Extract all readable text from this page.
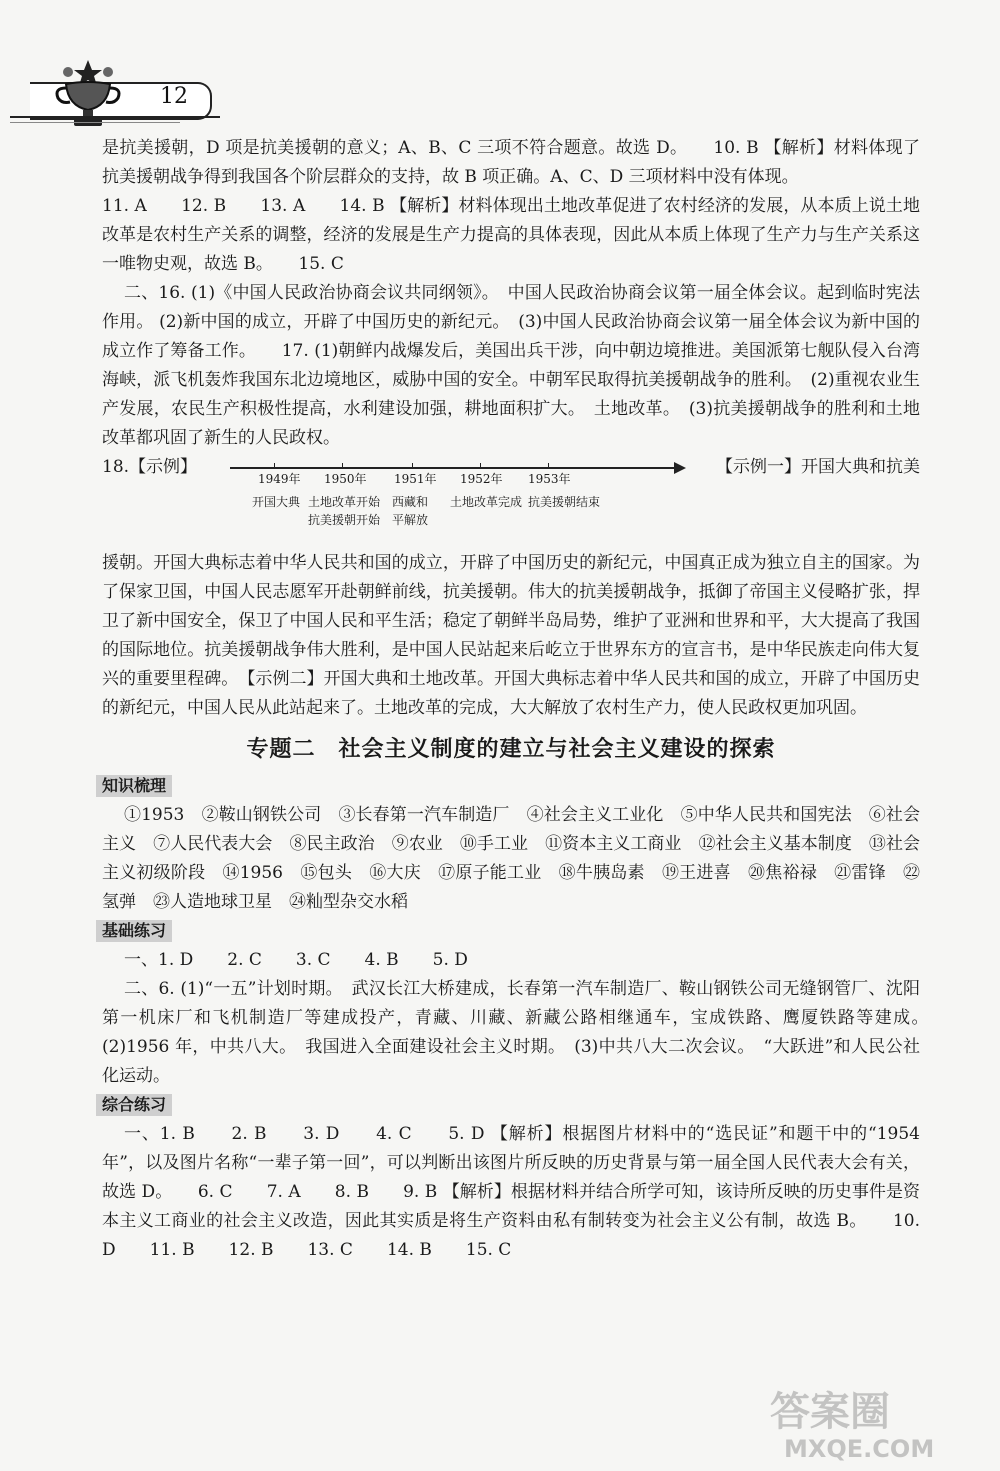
12

是抗美援朝，D 项是抗美援朝的意义；A、B、C 三项不符合题意。故选 D。 10. B 【解析】材料体现了抗美援朝战争得到我国各个阶层群众的支持，故 B 项正确。A、C、D 三项材料中没有体现。

11. A　　12. B　　13. A　　14. B 【解析】材料体现出土地改革促进了农村经济的发展，从本质上说土地改革是农村生产关系的调整，经济的发展是生产力提高的具体表现，因此从本质上体现了生产力与生产关系这一唯物史观，故选 B。　　15. C

二、16. (1)《中国人民政治协商会议共同纲领》。　中国人民政治协商会议第一届全体会议。起到临时宪法作用。 (2)新中国的成立，开辟了中国历史的新纪元。　(3)中国人民政治协商会议第一届全体会议为新中国的成立作了筹备工作。　　17. (1)朝鲜内战爆发后，美国出兵干涉，向中朝边境推进。美国派第七舰队侵入台湾海峡，派飞机轰炸我国东北边境地区，威胁中国的安全。中朝军民取得抗美援朝战争的胜利。　(2)重视农业生产发展，农民生产积极性提高，水利建设加强，耕地面积扩大。　土地改革。　(3)抗美援朝战争的胜利和土地改革都巩固了新生的人民政权。

18.【示例】	【示例一】开国大典和抗美
1949年 1950年 1951年 1952年 1953年
开国大典 土地改革开始 西藏和 土地改革完成 抗美援朝结束
抗美援朝开始 平解放

援朝。开国大典标志着中华人民共和国的成立，开辟了中国历史的新纪元，中国真正成为独立自主的国家。为了保家卫国，中国人民志愿军开赴朝鲜前线，抗美援朝。伟大的抗美援朝战争，抵御了帝国主义侵略扩张，捍卫了新中国安全，保卫了中国人民和平生活；稳定了朝鲜半岛局势，维护了亚洲和世界和平，大大提高了我国的国际地位。抗美援朝战争伟大胜利，是中国人民站起来后屹立于世界东方的宣言书，是中华民族走向伟大复兴的重要里程碑。　【示例二】开国大典和土地改革。开国大典标志着中华人民共和国的成立，开辟了中国历史的新纪元，中国人民从此站起来了。土地改革的完成，大大解放了农村生产力，使人民政权更加巩固。

专题二　社会主义制度的建立与社会主义建设的探索
知识梳理

①1953　②鞍山钢铁公司　③长春第一汽车制造厂　④社会主义工业化　⑤中华人民共和国宪法　⑥社会主义　⑦人民代表大会　⑧民主政治　⑨农业　⑩手工业　⑪资本主义工商业　⑫社会主义基本制度　⑬社会主义初级阶段　⑭1956　⑮包头　⑯大庆　⑰原子能工业　⑱牛胰岛素　⑲王进喜　⑳焦裕禄　㉑雷锋　㉒氢弹　㉓人造地球卫星　㉔籼型杂交水稻

基础练习

一、1. D　　2. C　　3. C　　4. B　　5. D

二、6. (1)“一五”计划时期。　武汉长江大桥建成，长春第一汽车制造厂、鞍山钢铁公司无缝钢管厂、沈阳第一机床厂和飞机制造厂等建成投产，青藏、川藏、新藏公路相继通车，宝成铁路、鹰厦铁路等建成。　(2)1956 年，中共八大。　我国进入全面建设社会主义时期。　(3)中共八大二次会议。　“大跃进”和人民公社化运动。

综合练习

一、1. B　　2. B　　3. D　　4. C　　5. D 【解析】根据图片材料中的“选民证”和题干中的“1954 年”，以及图片名称“一辈子第一回”，可以判断出该图片所反映的历史背景与第一届全国人民代表大会有关，故选 D。　　6. C　　7. A　　8. B　　9. B 【解析】根据材料并结合所学可知，该诗所反映的历史事件是资本主义工商业的社会主义改造，因此其实质是将生产资料由私有制转变为社会主义公有制，故选 B。　　10. D　　11. B　　12. B　　13. C　　14. B　　15. C

答案圈
MXQE.COM
